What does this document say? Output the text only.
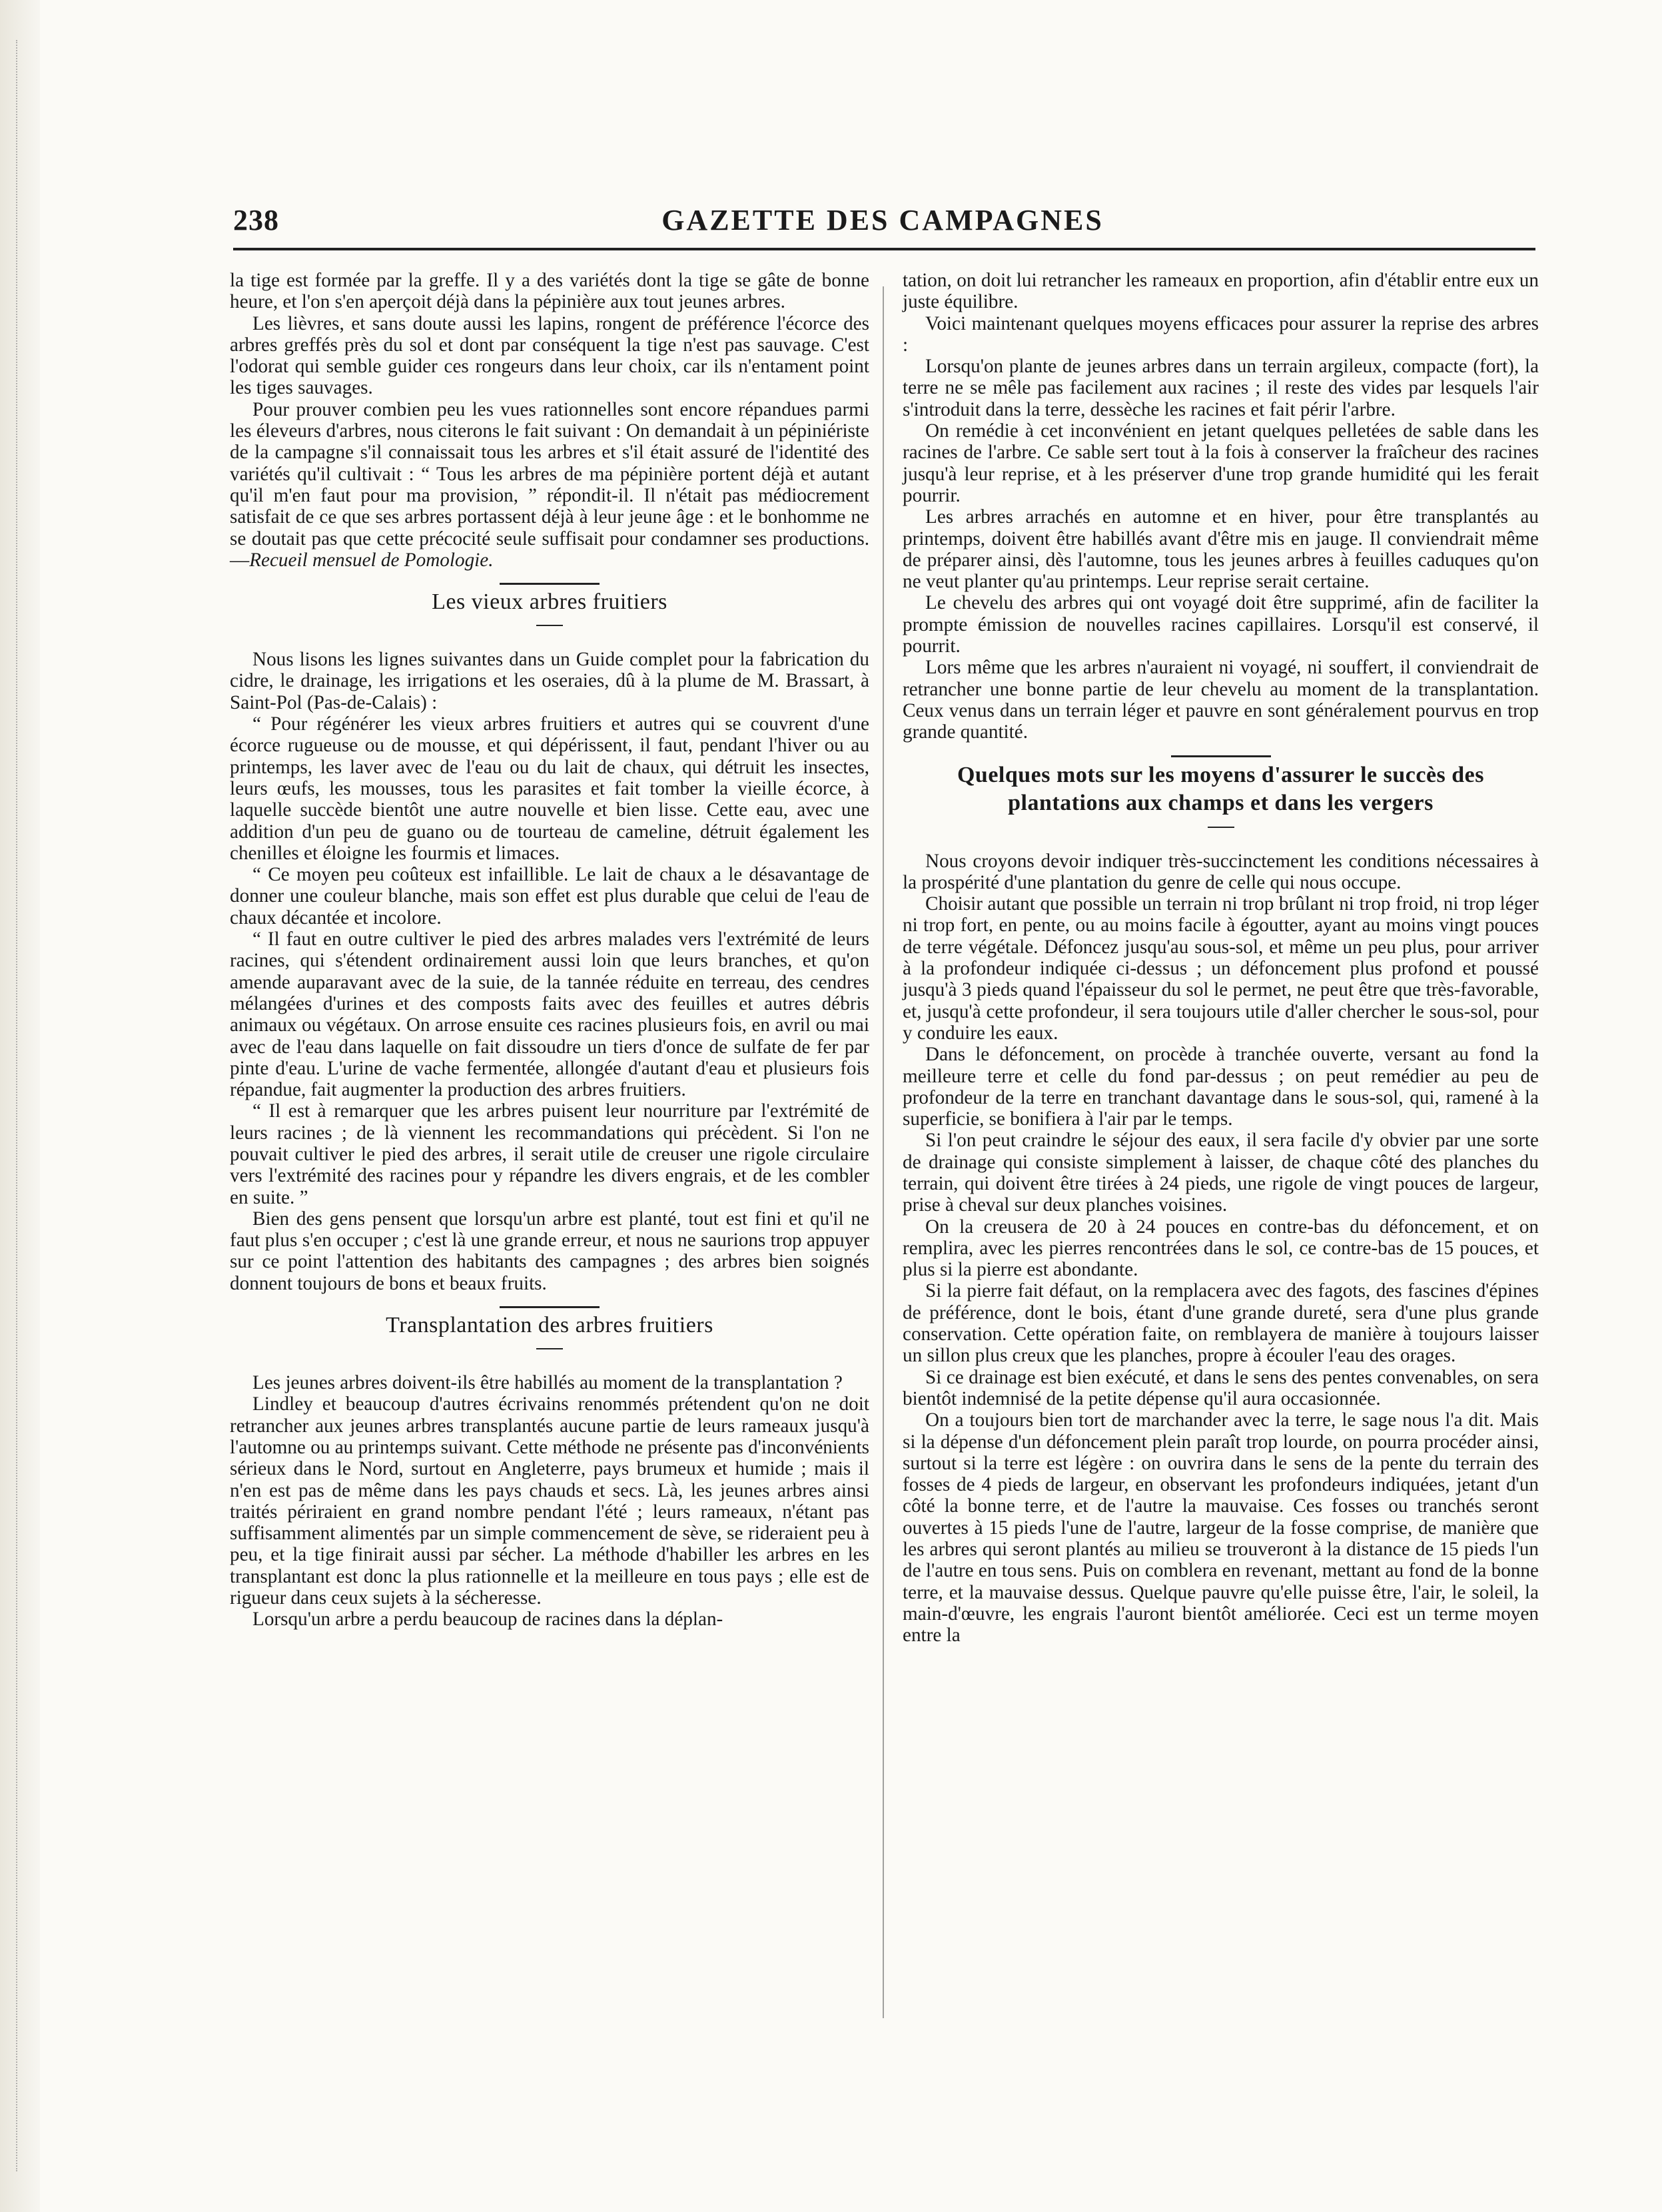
238	GAZETTE DES CAMPAGNES

la tige est formée par la greffe. Il y a des variétés dont la tige se gâte de bonne heure, et l'on s'en aperçoit déjà dans la pépinière aux tout jeunes arbres.

Les lièvres, et sans doute aussi les lapins, rongent de préférence l'écorce des arbres greffés près du sol et dont par conséquent la tige n'est pas sauvage. C'est l'odorat qui semble guider ces rongeurs dans leur choix, car ils n'entament point les tiges sauvages.

Pour prouver combien peu les vues rationnelles sont encore répandues parmi les éleveurs d'arbres, nous citerons le fait suivant : On demandait à un pépiniériste de la campagne s'il connaissait tous les arbres et s'il était assuré de l'identité des variétés qu'il cultivait : “ Tous les arbres de ma pépinière portent déjà et autant qu'il m'en faut pour ma provision, ” répondit-il. Il n'était pas médiocrement satisfait de ce que ses arbres portassent déjà à leur jeune âge : et le bonhomme ne se doutait pas que cette précocité seule suffisait pour condamner ses productions.—Recueil mensuel de Pomologie.

Les vieux arbres fruitiers

Nous lisons les lignes suivantes dans un Guide complet pour la fabrication du cidre, le drainage, les irrigations et les oseraies, dû à la plume de M. Brassart, à Saint-Pol (Pas-de-Calais) :

“ Pour régénérer les vieux arbres fruitiers et autres qui se couvrent d'une écorce rugueuse ou de mousse, et qui dépérissent, il faut, pendant l'hiver ou au printemps, les laver avec de l'eau ou du lait de chaux, qui détruit les insectes, leurs œufs, les mousses, tous les parasites et fait tomber la vieille écorce, à laquelle succède bientôt une autre nouvelle et bien lisse. Cette eau, avec une addition d'un peu de guano ou de tourteau de cameline, détruit également les chenilles et éloigne les fourmis et limaces.

“ Ce moyen peu coûteux est infaillible. Le lait de chaux a le désavantage de donner une couleur blanche, mais son effet est plus durable que celui de l'eau de chaux décantée et incolore.

“ Il faut en outre cultiver le pied des arbres malades vers l'extrémité de leurs racines, qui s'étendent ordinairement aussi loin que leurs branches, et qu'on amende auparavant avec de la suie, de la tannée réduite en terreau, des cendres mélangées d'urines et des composts faits avec des feuilles et autres débris animaux ou végétaux. On arrose ensuite ces racines plusieurs fois, en avril ou mai avec de l'eau dans laquelle on fait dissoudre un tiers d'once de sulfate de fer par pinte d'eau. L'urine de vache fermentée, allongée d'autant d'eau et plusieurs fois répandue, fait augmenter la production des arbres fruitiers.

“ Il est à remarquer que les arbres puisent leur nourriture par l'extrémité de leurs racines ; de là viennent les recommandations qui précèdent. Si l'on ne pouvait cultiver le pied des arbres, il serait utile de creuser une rigole circulaire vers l'extrémité des racines pour y répandre les divers engrais, et de les combler en suite. ”

Bien des gens pensent que lorsqu'un arbre est planté, tout est fini et qu'il ne faut plus s'en occuper ; c'est là une grande erreur, et nous ne saurions trop appuyer sur ce point l'attention des habitants des campagnes ; des arbres bien soignés donnent toujours de bons et beaux fruits.

Transplantation des arbres fruitiers

Les jeunes arbres doivent-ils être habillés au moment de la transplantation ?

Lindley et beaucoup d'autres écrivains renommés prétendent qu'on ne doit retrancher aux jeunes arbres transplantés aucune partie de leurs rameaux jusqu'à l'automne ou au printemps suivant. Cette méthode ne présente pas d'inconvénients sérieux dans le Nord, surtout en Angleterre, pays brumeux et humide ; mais il n'en est pas de même dans les pays chauds et secs. Là, les jeunes arbres ainsi traités périraient en grand nombre pendant l'été ; leurs rameaux, n'étant pas suffisamment alimentés par un simple commencement de sève, se rideraient peu à peu, et la tige finirait aussi par sécher. La méthode d'habiller les arbres en les transplantant est donc la plus rationnelle et la meilleure en tous pays ; elle est de rigueur dans ceux sujets à la sécheresse.

Lorsqu'un arbre a perdu beaucoup de racines dans la déplan-

tation, on doit lui retrancher les rameaux en proportion, afin d'établir entre eux un juste équilibre.

Voici maintenant quelques moyens efficaces pour assurer la reprise des arbres :

Lorsqu'on plante de jeunes arbres dans un terrain argileux, compacte (fort), la terre ne se mêle pas facilement aux racines ; il reste des vides par lesquels l'air s'introduit dans la terre, dessèche les racines et fait périr l'arbre.

On remédie à cet inconvénient en jetant quelques pelletées de sable dans les racines de l'arbre. Ce sable sert tout à la fois à conserver la fraîcheur des racines jusqu'à leur reprise, et à les préserver d'une trop grande humidité qui les ferait pourrir.

Les arbres arrachés en automne et en hiver, pour être transplantés au printemps, doivent être habillés avant d'être mis en jauge. Il conviendrait même de préparer ainsi, dès l'automne, tous les jeunes arbres à feuilles caduques qu'on ne veut planter qu'au printemps. Leur reprise serait certaine.

Le chevelu des arbres qui ont voyagé doit être supprimé, afin de faciliter la prompte émission de nouvelles racines capillaires. Lorsqu'il est conservé, il pourrit.

Lors même que les arbres n'auraient ni voyagé, ni souffert, il conviendrait de retrancher une bonne partie de leur chevelu au moment de la transplantation. Ceux venus dans un terrain léger et pauvre en sont généralement pourvus en trop grande quantité.

Quelques mots sur les moyens d'assurer le succès des plantations aux champs et dans les vergers

Nous croyons devoir indiquer très-succinctement les conditions nécessaires à la prospérité d'une plantation du genre de celle qui nous occupe.

Choisir autant que possible un terrain ni trop brûlant ni trop froid, ni trop léger ni trop fort, en pente, ou au moins facile à égoutter, ayant au moins vingt pouces de terre végétale. Défoncez jusqu'au sous-sol, et même un peu plus, pour arriver à la profondeur indiquée ci-dessus ; un défoncement plus profond et poussé jusqu'à 3 pieds quand l'épaisseur du sol le permet, ne peut être que très-favorable, et, jusqu'à cette profondeur, il sera toujours utile d'aller chercher le sous-sol, pour y conduire les eaux.

Dans le défoncement, on procède à tranchée ouverte, versant au fond la meilleure terre et celle du fond par-dessus ; on peut remédier au peu de profondeur de la terre en tranchant davantage dans le sous-sol, qui, ramené à la superficie, se bonifiera à l'air par le temps.

Si l'on peut craindre le séjour des eaux, il sera facile d'y obvier par une sorte de drainage qui consiste simplement à laisser, de chaque côté des planches du terrain, qui doivent être tirées à 24 pieds, une rigole de vingt pouces de largeur, prise à cheval sur deux planches voisines.

On la creusera de 20 à 24 pouces en contre-bas du défoncement, et on remplira, avec les pierres rencontrées dans le sol, ce contre-bas de 15 pouces, et plus si la pierre est abondante.

Si la pierre fait défaut, on la remplacera avec des fagots, des fascines d'épines de préférence, dont le bois, étant d'une grande dureté, sera d'une plus grande conservation. Cette opération faite, on remblayera de manière à toujours laisser un sillon plus creux que les planches, propre à écouler l'eau des orages.

Si ce drainage est bien exécuté, et dans le sens des pentes convenables, on sera bientôt indemnisé de la petite dépense qu'il aura occasionnée.

On a toujours bien tort de marchander avec la terre, le sage nous l'a dit. Mais si la dépense d'un défoncement plein paraît trop lourde, on pourra procéder ainsi, surtout si la terre est légère : on ouvrira dans le sens de la pente du terrain des fosses de 4 pieds de largeur, en observant les profondeurs indiquées, jetant d'un côté la bonne terre, et de l'autre la mauvaise. Ces fosses ou tranchés seront ouvertes à 15 pieds l'une de l'autre, largeur de la fosse comprise, de manière que les arbres qui seront plantés au milieu se trouveront à la distance de 15 pieds l'un de l'autre en tous sens. Puis on comblera en revenant, mettant au fond de la bonne terre, et la mauvaise dessus. Quelque pauvre qu'elle puisse être, l'air, le soleil, la main-d'œuvre, les engrais l'auront bientôt améliorée. Ceci est un terme moyen entre la
